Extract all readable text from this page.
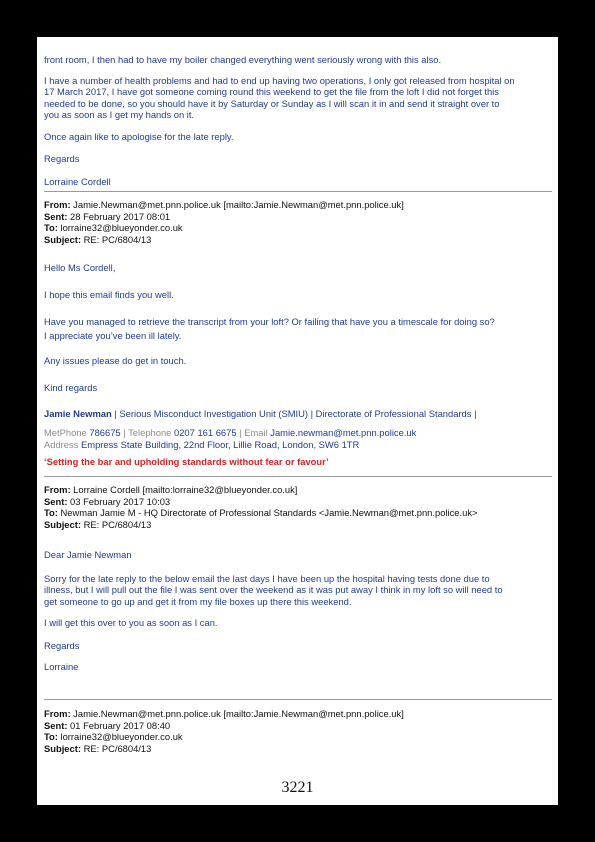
front room, I then had to have my boiler changed everything went seriously wrong with this also.
I have a number of health problems and had to end up having two operations, I only got released from hospital on
17 March 2017, I have got someone coming round this weekend to get the file from the loft I did not forget this
needed to be done, so you should have it by Saturday or Sunday as I will scan it in and send it straight over to
you as soon as I get my hands on it.
Once again like to apologise for the late reply.
Regards
Lorraine Cordell
From: Jamie.Newman@met.pnn.police.uk [mailto:Jamie.Newman@met.pnn.police.uk]
Sent: 28 February 2017 08:01
To: lorraine32@blueyonder.co.uk
Subject: RE: PC/6804/13
Hello Ms Cordell,
I hope this email finds you well.
Have you managed to retrieve the transcript from your loft? Or failing that have you a timescale for doing so?
I appreciate you’ve been ill lately.
Any issues please do get in touch.
Kind regards
Jamie Newman | Serious Misconduct Investigation Unit (SMIU) | Directorate of Professional Standards |
MetPhone 786675 | Telephone 0207 161 6675 | Email Jamie.newman@met.pnn.police.uk
Address Empress State Building, 22nd Floor, Lillie Road, London, SW6 1TR
‘Setting the bar and upholding standards without fear or favour’
From: Lorraine Cordell [mailto:lorraine32@blueyonder.co.uk]
Sent: 03 February 2017 10:03
To: Newman Jamie M - HQ Directorate of Professional Standards <Jamie.Newman@met.pnn.police.uk>
Subject: RE: PC/6804/13
Dear Jamie Newman
Sorry for the late reply to the below email the last days I have been up the hospital having tests done due to
illness, but I will pull out the file I was sent over the weekend as it was put away I think in my loft so will need to
get someone to go up and get it from my file boxes up there this weekend.
I will get this over to you as soon as I can.
Regards
Lorraine
From: Jamie.Newman@met.pnn.police.uk [mailto:Jamie.Newman@met.pnn.police.uk]
Sent: 01 February 2017 08:40
To: lorraine32@blueyonder.co.uk
Subject: RE: PC/6804/13
3221
